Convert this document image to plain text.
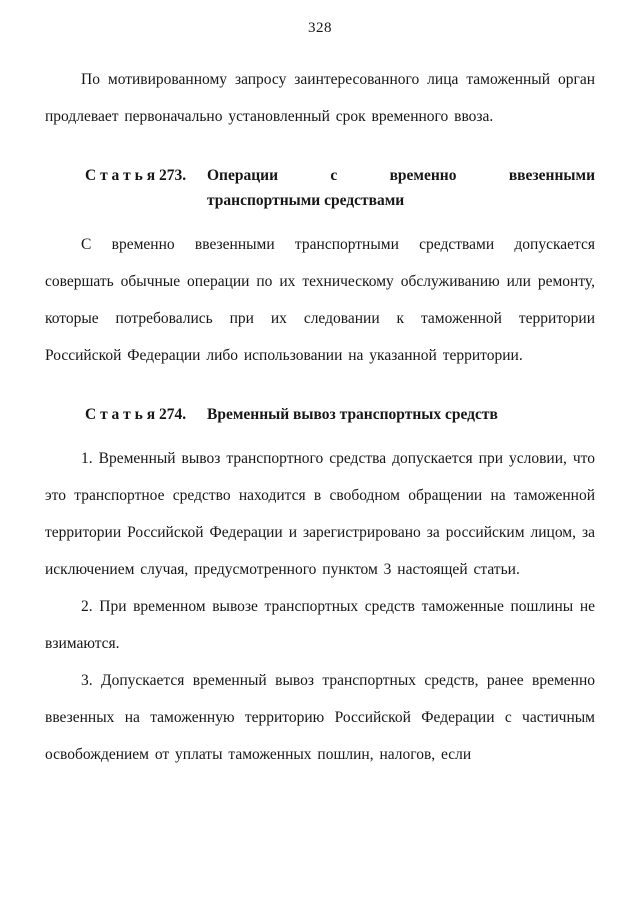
328

По мотивированному запросу заинтересованного лица таможенный орган продлевает первоначально установленный срок временного ввоза.

С т а т ь я 273.	Операции с временно ввезенными
транспортными средствами

С временно ввезенными транспортными средствами допускается совершать обычные операции по их техническому обслуживанию или ремонту, которые потребовались при их следовании к таможенной территории Российской Федерации либо использовании на указанной территории.

С т а т ь я 274.	Временный вывоз транспортных средств

1. Временный вывоз транспортного средства допускается при условии, что это транспортное средство находится в свободном обращении на таможенной территории Российской Федерации и зарегистрировано за российским лицом, за исключением случая, предусмотренного пунктом 3 настоящей статьи.

2. При временном вывозе транспортных средств таможенные пошлины не взимаются.

3. Допускается временный вывоз транспортных средств, ранее временно ввезенных на таможенную территорию Российской Федерации с частичным освобождением от уплаты таможенных пошлин, налогов, если
